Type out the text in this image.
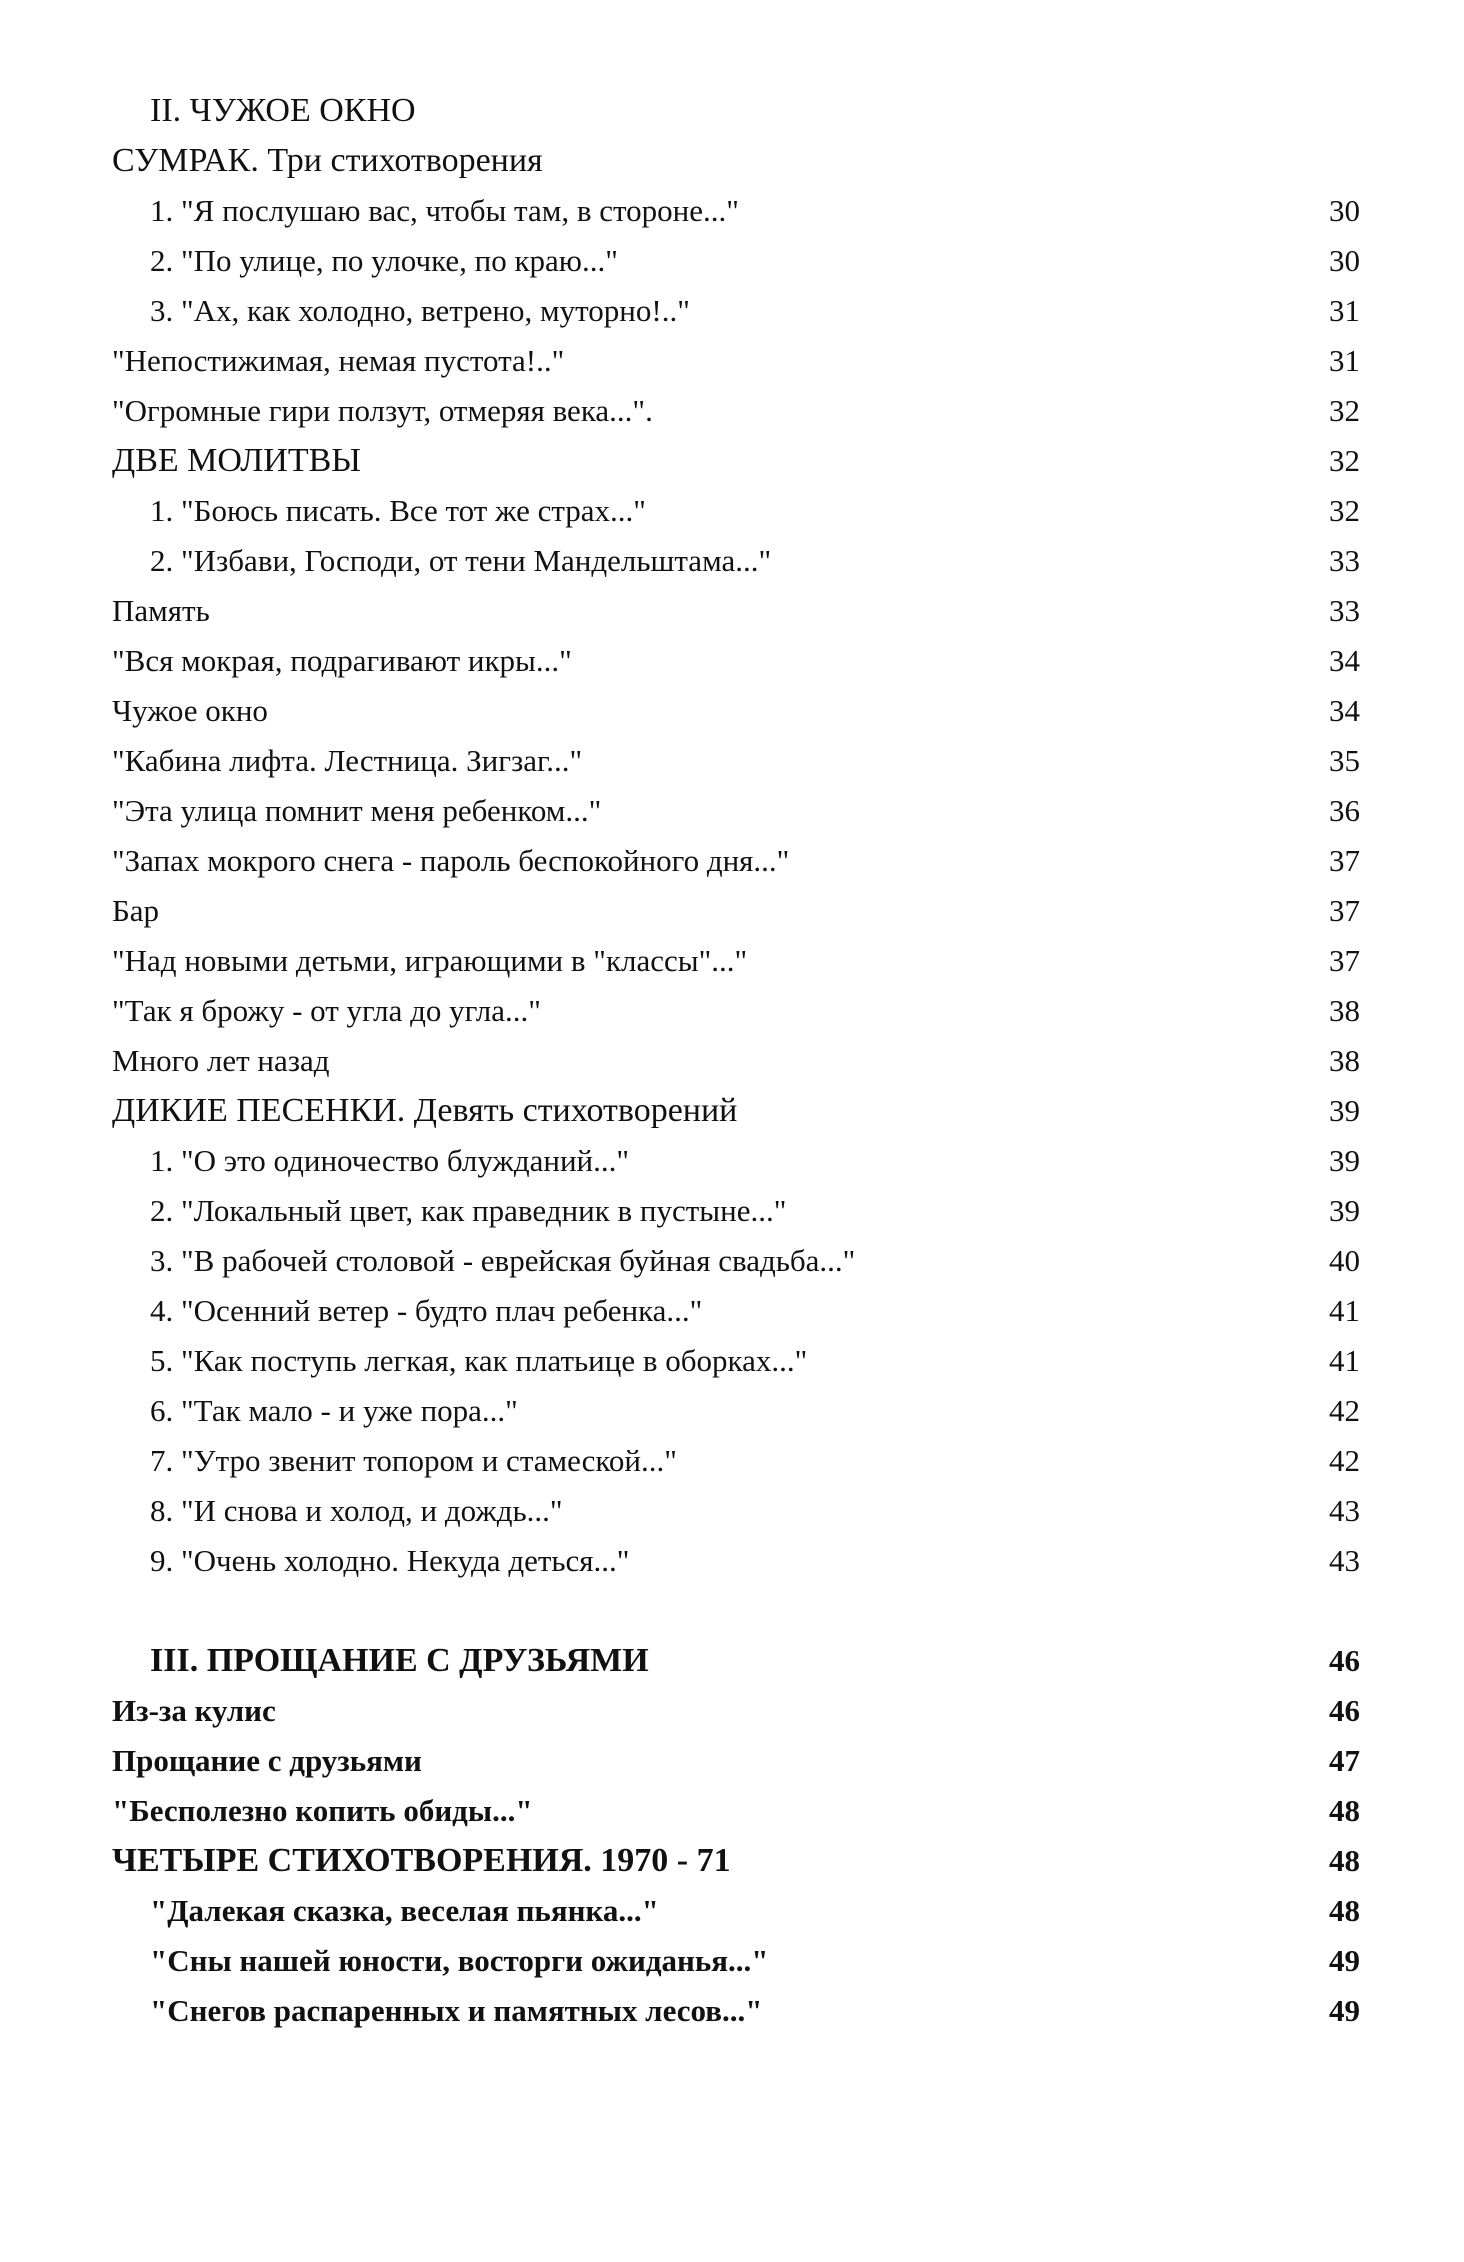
II. ЧУЖОЕ ОКНО
СУМРАК. Три стихотворения
1. "Я послушаю вас, чтобы там, в стороне..."	30
2. "По улице, по улочке, по краю..."	30
3. "Ах, как холодно, ветрено, муторно!.."	31
"Непостижимая, немая пустота!.."	31
"Огромные гири ползут, отмеряя века...".	32
ДВЕ МОЛИТВЫ	32
1. "Боюсь писать. Все тот же страх..."	32
2. "Избави, Господи, от тени Мандельштама..."	33
Память	33
"Вся мокрая, подрагивают икры..."	34
Чужое окно	34
"Кабина лифта. Лестница. Зигзаг..."	35
"Эта улица помнит меня ребенком..."	36
"Запах мокрого снега - пароль беспокойного дня..."	37
Бар	37
"Над новыми детьми, играющими в "классы"..."	37
"Так я брожу - от угла до угла..."	38
Много лет назад	38
ДИКИЕ ПЕСЕНКИ. Девять стихотворений	39
1. "О это одиночество блужданий..."	39
2. "Локальный цвет, как праведник в пустыне..."	39
3. "В рабочей столовой - еврейская буйная свадьба..."	40
4. "Осенний ветер - будто плач ребенка..."	41
5. "Как поступь легкая, как платьице в оборках..."	41
6. "Так мало - и уже пора..."	42
7. "Утро звенит топором и стамеской..."	42
8. "И снова и холод, и дождь..."	43
9. "Очень холодно. Некуда деться..."	43
III. ПРОЩАНИЕ С ДРУЗЬЯМИ	46
Из-за кулис	46
Прощание с друзьями	47
"Бесполезно копить обиды..."	48
ЧЕТЫРЕ СТИХОТВОРЕНИЯ. 1970 - 71	48
"Далекая сказка, веселая пьянка..."	48
"Сны нашей юности, восторги ожиданья..."	49
"Снегов распаренных и памятных лесов..."	49
